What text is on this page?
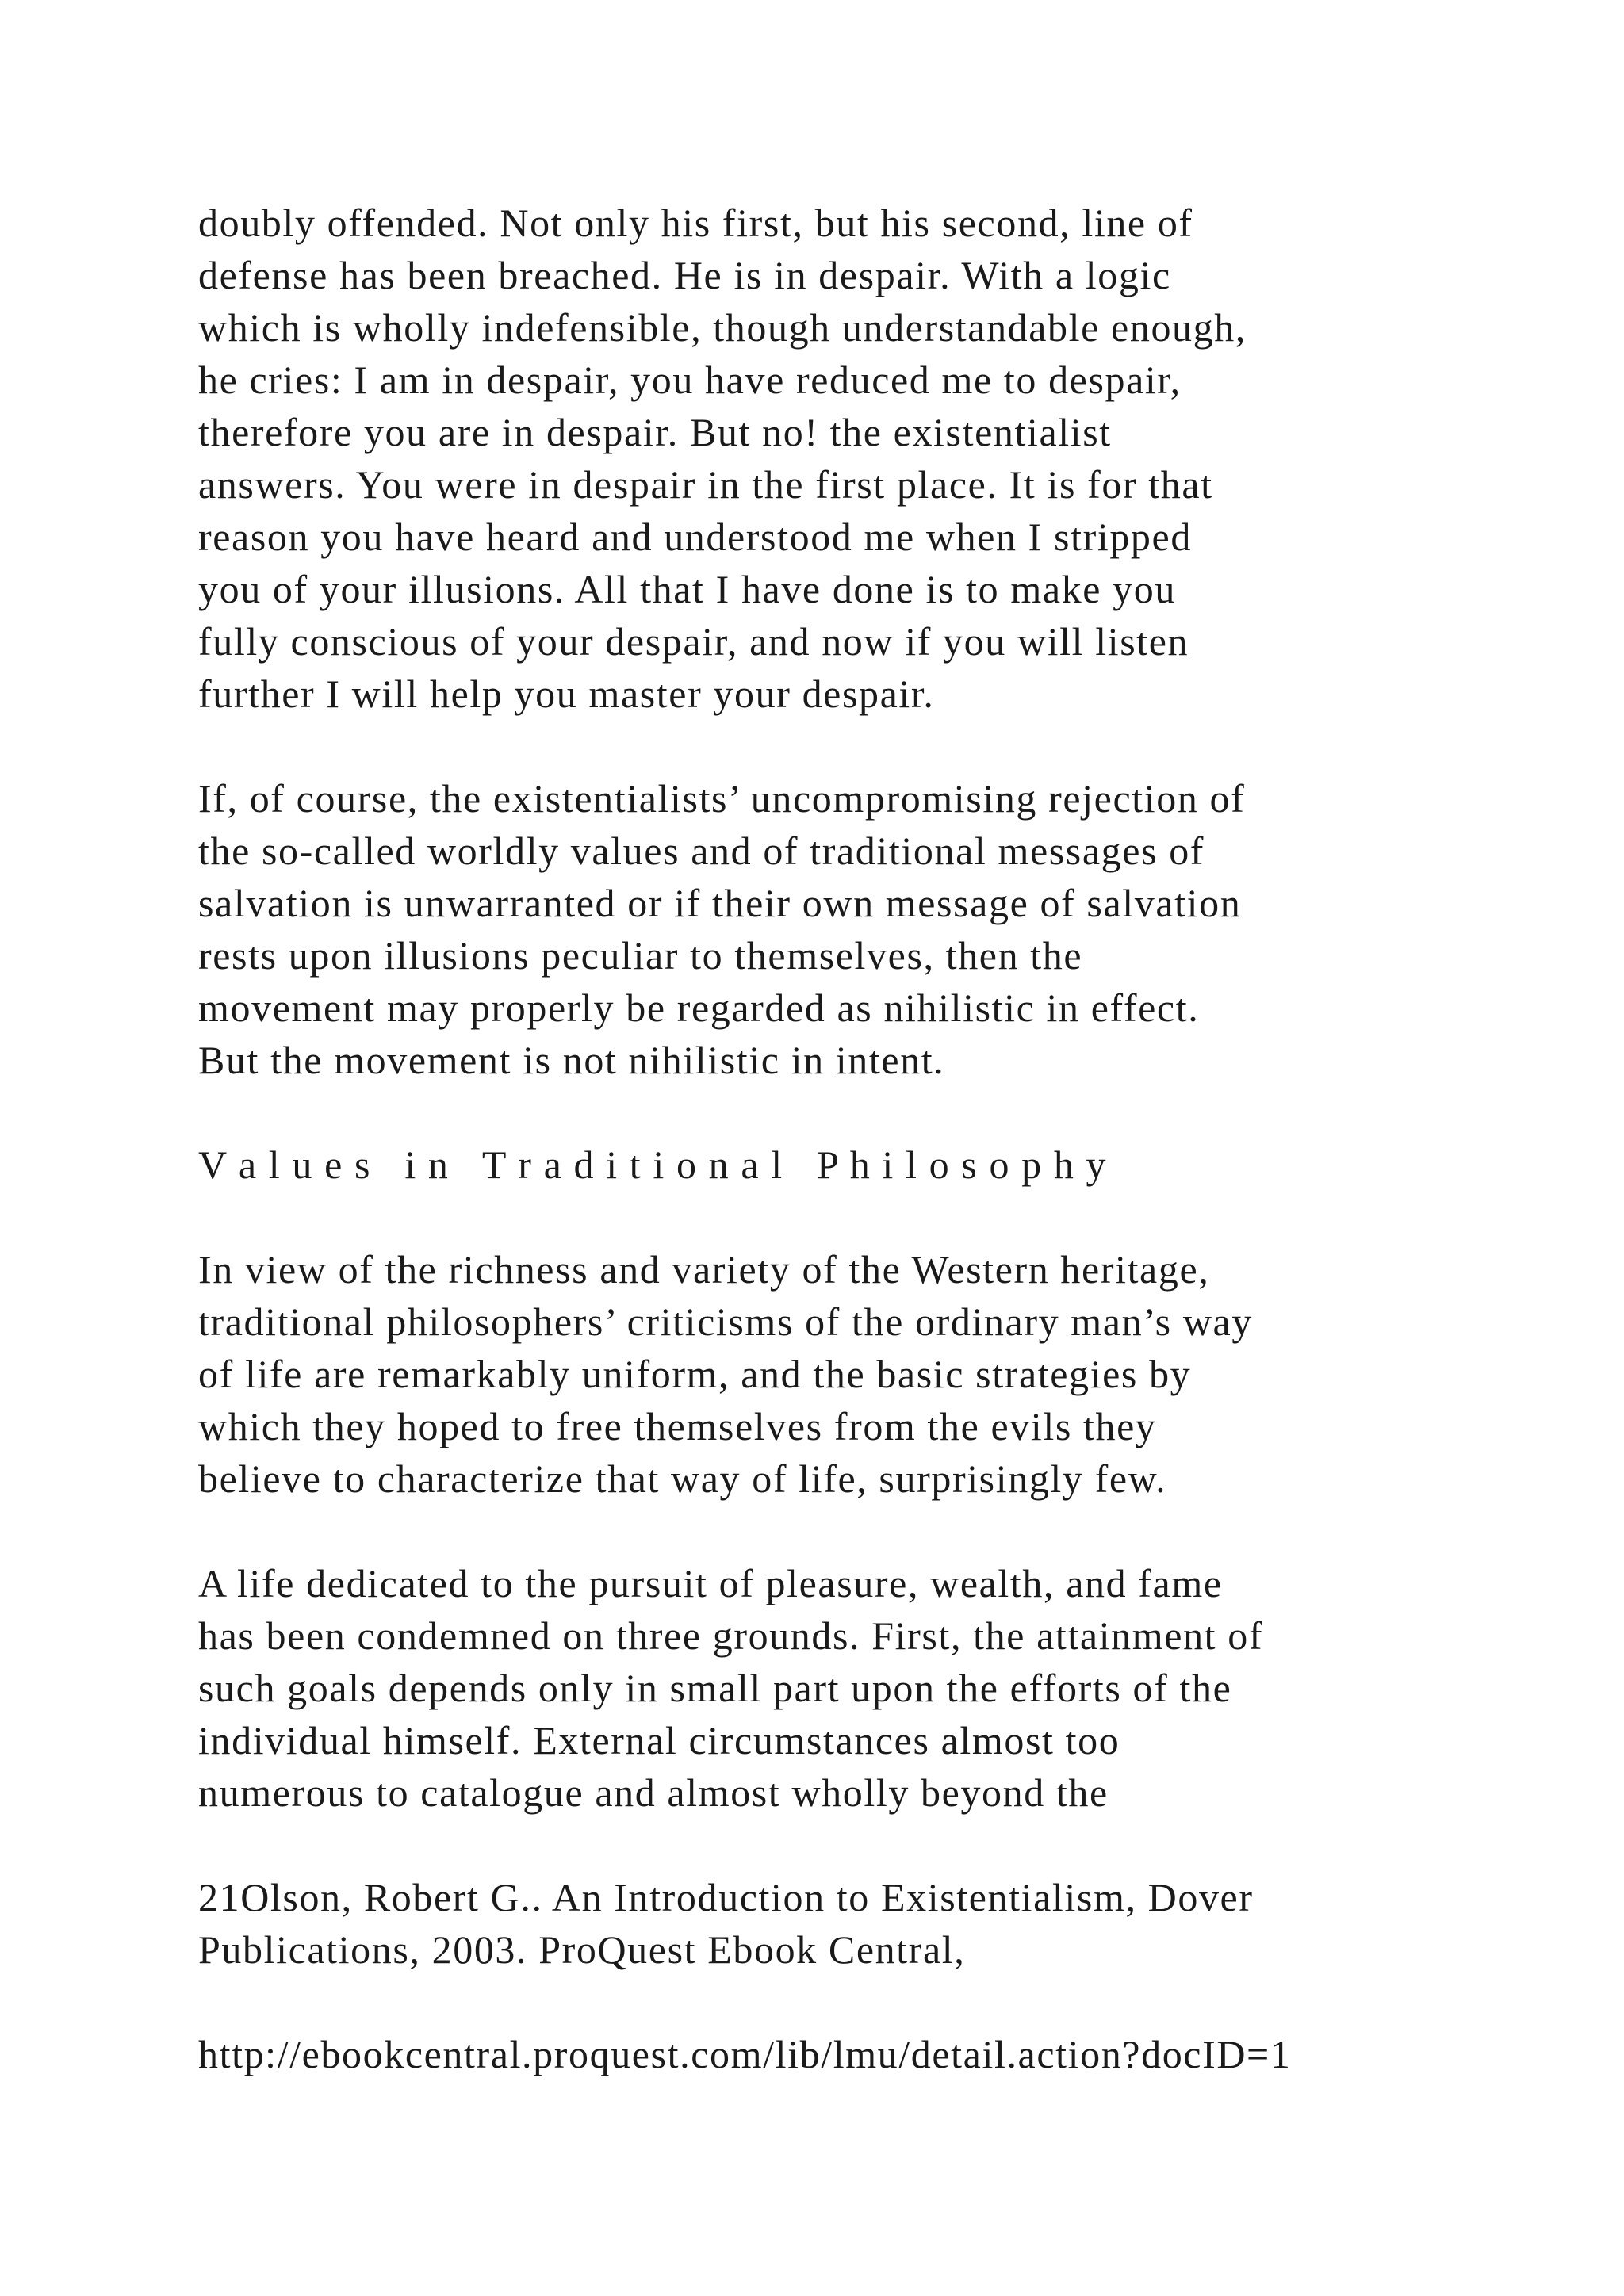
doubly offended. Not only his first, but his second, line of
defense has been breached. He is in despair. With a logic
which is wholly indefensible, though understandable enough,
he cries: I am in despair, you have reduced me to despair,
therefore you are in despair. But no! the existentialist
answers. You were in despair in the first place. It is for that
reason you have heard and understood me when I stripped
you of your illusions. All that I have done is to make you
fully conscious of your despair, and now if you will listen
further I will help you master your despair.
If, of course, the existentialists’ uncompromising rejection of
the so-called worldly values and of traditional messages of
salvation is unwarranted or if their own message of salvation
rests upon illusions peculiar to themselves, then the
movement may properly be regarded as nihilistic in effect.
But the movement is not nihilistic in intent.
V a l u e s   i n   T r a d i t i o n a l   P h i l o s o p h y
In view of the richness and variety of the Western heritage,
traditional philosophers’ criticisms of the ordinary man’s way
of life are remarkably uniform, and the basic strategies by
which they hoped to free themselves from the evils they
believe to characterize that way of life, surprisingly few.
A life dedicated to the pursuit of pleasure, wealth, and fame
has been condemned on three grounds. First, the attainment of
such goals depends only in small part upon the efforts of the
individual himself. External circumstances almost too
numerous to catalogue and almost wholly beyond the
21Olson, Robert G.. An Introduction to Existentialism, Dover
Publications, 2003. ProQuest Ebook Central,
http://ebookcentral.proquest.com/lib/lmu/detail.action?docID=1
